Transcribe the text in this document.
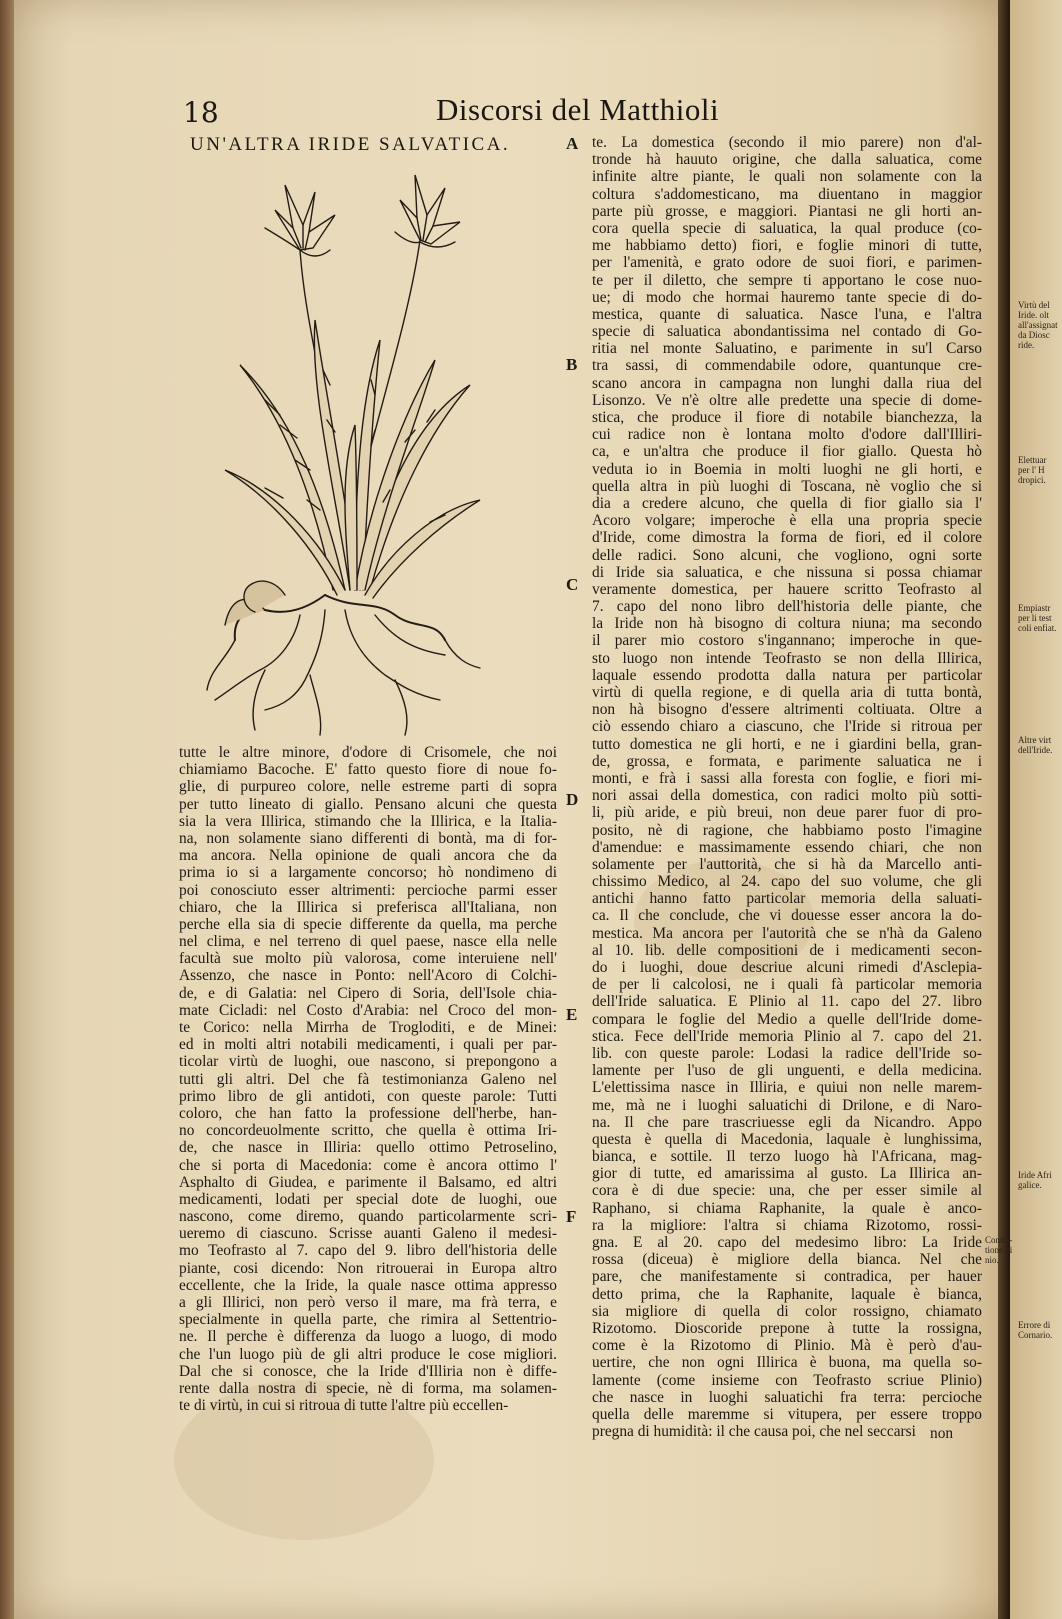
18	Discorsi del Matthioli
UN'ALTRA IRIDE SALVATICA.
tutte le altre minore, d'odore di Crisomele, che noi
chiamiamo Bacoche. E' fatto questo fiore di noue fo-
glie, di purpureo colore, nelle estreme parti di sopra
per tutto lineato di giallo. Pensano alcuni che questa
sia la vera Illirica, stimando che la Illirica, e la Italia-
na, non solamente siano differenti di bontà, ma di for-
ma ancora. Nella opinione de quali ancora che da
prima io si a largamente concorso; hò nondimeno di
poi conosciuto esser altrimenti: percioche parmi esser
chiaro, che la Illirica si preferisca all'Italiana, non
perche ella sia di specie differente da quella, ma perche
nel clima, e nel terreno di quel paese, nasce ella nelle
facultà sue molto più valorosa, come interuiene nell'
Assenzo, che nasce in Ponto: nell'Acoro di Colchi-
de, e di Galatia: nel Cipero di Soria, dell'Isole chia-
mate Cicladi: nel Costo d'Arabia: nel Croco del mon-
te Corico: nella Mirrha de Trogloditi, e de Minei:
ed in molti altri notabili medicamenti, i quali per par-
ticolar virtù de luoghi, oue nascono, si prepongono a
tutti gli altri. Del che fà testimonianza Galeno nel
primo libro de gli antidoti, con queste parole: Tutti
coloro, che han fatto la professione dell'herbe, han-
no concordeuolmente scritto, che quella è ottima Iri-
de, che nasce in Illiria: quello ottimo Petroselino,
che si porta di Macedonia: come è ancora ottimo l'
Asphalto di Giudea, e parimente il Balsamo, ed altri
medicamenti, lodati per special dote de luoghi, oue
nascono, come diremo, quando particolarmente scri-
ueremo di ciascuno. Scrisse auanti Galeno il medesi-
mo Teofrasto al 7. capo del 9. libro dell'historia delle
piante, cosi dicendo: Non ritrouerai in Europa altro
eccellente, che la Iride, la quale nasce ottima appresso
a gli Illirici, non però verso il mare, ma frà terra, e
specialmente in quella parte, che rimira al Settentrio-
ne. Il perche è differenza da luogo a luogo, di modo
che l'un luogo più de gli altri produce le cose migliori.
Dal che si conosce, che la Iride d'Illiria non è diffe-
rente dalla nostra di specie, nè di forma, ma solamen-
te di virtù, in cui si ritroua di tutte l'altre più eccellen-
te. La domestica (secondo il mio parere) non d'al-
tronde hà hauuto origine, che dalla saluatica, come
infinite altre piante, le quali non solamente con la
coltura s'addomesticano, ma diuentano in maggior
parte più grosse, e maggiori. Piantasi ne gli horti an-
cora quella specie di saluatica, la qual produce (co-
me habbiamo detto) fiori, e foglie minori di tutte,
per l'amenità, e grato odore de suoi fiori, e parimen-
te per il diletto, che sempre ti apportano le cose nuo-
ue; di modo che hormai hauremo tante specie di do-
mestica, quante di saluatica. Nasce l'una, e l'altra
specie di saluatica abondantissima nel contado di Go-
ritia nel monte Saluatino, e parimente in su'l Carso
tra sassi, di commendabile odore, quantunque cre-
scano ancora in campagna non lunghi dalla riua del
Lisonzo. Ve n'è oltre alle predette una specie di dome-
stica, che produce il fiore di notabile bianchezza, la
cui radice non è lontana molto d'odore dall'Illiri-
ca, e un'altra che produce il fior giallo. Questa hò
veduta io in Boemia in molti luoghi ne gli horti, e
quella altra in più luoghi di Toscana, nè voglio che si
dia a credere alcuno, che quella di fior giallo sia l'
Acoro volgare; imperoche è ella una propria specie
d'Iride, come dimostra la forma de fiori, ed il colore
delle radici. Sono alcuni, che vogliono, ogni sorte
di Iride sia saluatica, e che nissuna si possa chiamar
veramente domestica, per hauere scritto Teofrasto al
7. capo del nono libro dell'historia delle piante, che
la Iride non hà bisogno di coltura niuna; ma secondo
il parer mio costoro s'ingannano; imperoche in que-
sto luogo non intende Teofrasto se non della Illirica,
laquale essendo prodotta dalla natura per particolar
virtù di quella regione, e di quella aria di tutta bontà,
non hà bisogno d'essere altrimenti coltiuata. Oltre a
ciò essendo chiaro a ciascuno, che l'Iride si ritroua per
tutto domestica ne gli horti, e ne i giardini bella, gran-
de, grossa, e formata, e parimente saluatica ne i
monti, e frà i sassi alla foresta con foglie, e fiori mi-
nori assai della domestica, con radici molto più sotti-
li, più aride, e più breui, non deue parer fuor di pro-
posito, nè di ragione, che habbiamo posto l'imagine
d'amendue: e massimamente essendo chiari, che non
solamente per l'auttorità, che si hà da Marcello anti-
chissimo Medico, al 24. capo del suo volume, che gli
antichi hanno fatto particolar memoria della saluati-
ca. Il che conclude, che vi douesse esser ancora la do-
mestica. Ma ancora per l'autorità che se n'hà da Galeno
al 10. lib. delle compositioni de i medicamenti secon-
do i luoghi, doue descriue alcuni rimedi d'Asclepia-
de per li calcolosi, ne i quali fà particolar memoria
dell'Iride saluatica. E Plinio al 11. capo del 27. libro
compara le foglie del Medio a quelle dell'Iride dome-
stica. Fece dell'Iride memoria Plinio al 7. capo del 21.
lib. con queste parole: Lodasi la radice dell'Iride so-
lamente per l'uso de gli unguenti, e della medicina.
L'elettissima nasce in Illiria, e quiui non nelle marem-
me, mà ne i luoghi saluatichi di Drilone, e di Naro-
na. Il che pare trascriuesse egli da Nicandro. Appo
questa è quella di Macedonia, laquale è lunghissima,
bianca, e sottile. Il terzo luogo hà l'Africana, mag-
gior di tutte, ed amarissima al gusto. La Illirica an-
cora è di due specie: una, che per esser simile al
Raphano, si chiama Raphanite, la quale è anco-
ra la migliore: l'altra si chiama Rizotomo, rossi-
gna. E al 20. capo del medesimo libro: La Iride
rossa (diceua) è migliore della bianca. Nel che
pare, che manifestamente si contradica, per hauer
detto prima, che la Raphanite, laquale è bianca,
sia migliore di quella di color rossigno, chiamato
Rizotomo. Dioscoride prepone à tutte la rossigna,
come è la Rizotomo di Plinio. Mà è però d'au-
uertire, che non ogni Illirica è buona, ma quella so-
lamente (come insieme con Teofrasto scriue Plinio)
che nasce in luoghi saluatichi fra terra: percioche
quella delle maremme si vitupera, per essere troppo
pregna di humidità: il che causa poi, che nel seccarsi non
A
B
C
D
E
F
Virtù del
Iride. olt
all'assignat
da Diosc
ride.
Elettuar
per l' H
dropici.
Empiastr
per li test
coli enfiat.
Altre virt
dell'Iride.
Iride Afri
galice.
Contra-
tione di
nio.
Errore di
Cornario.
